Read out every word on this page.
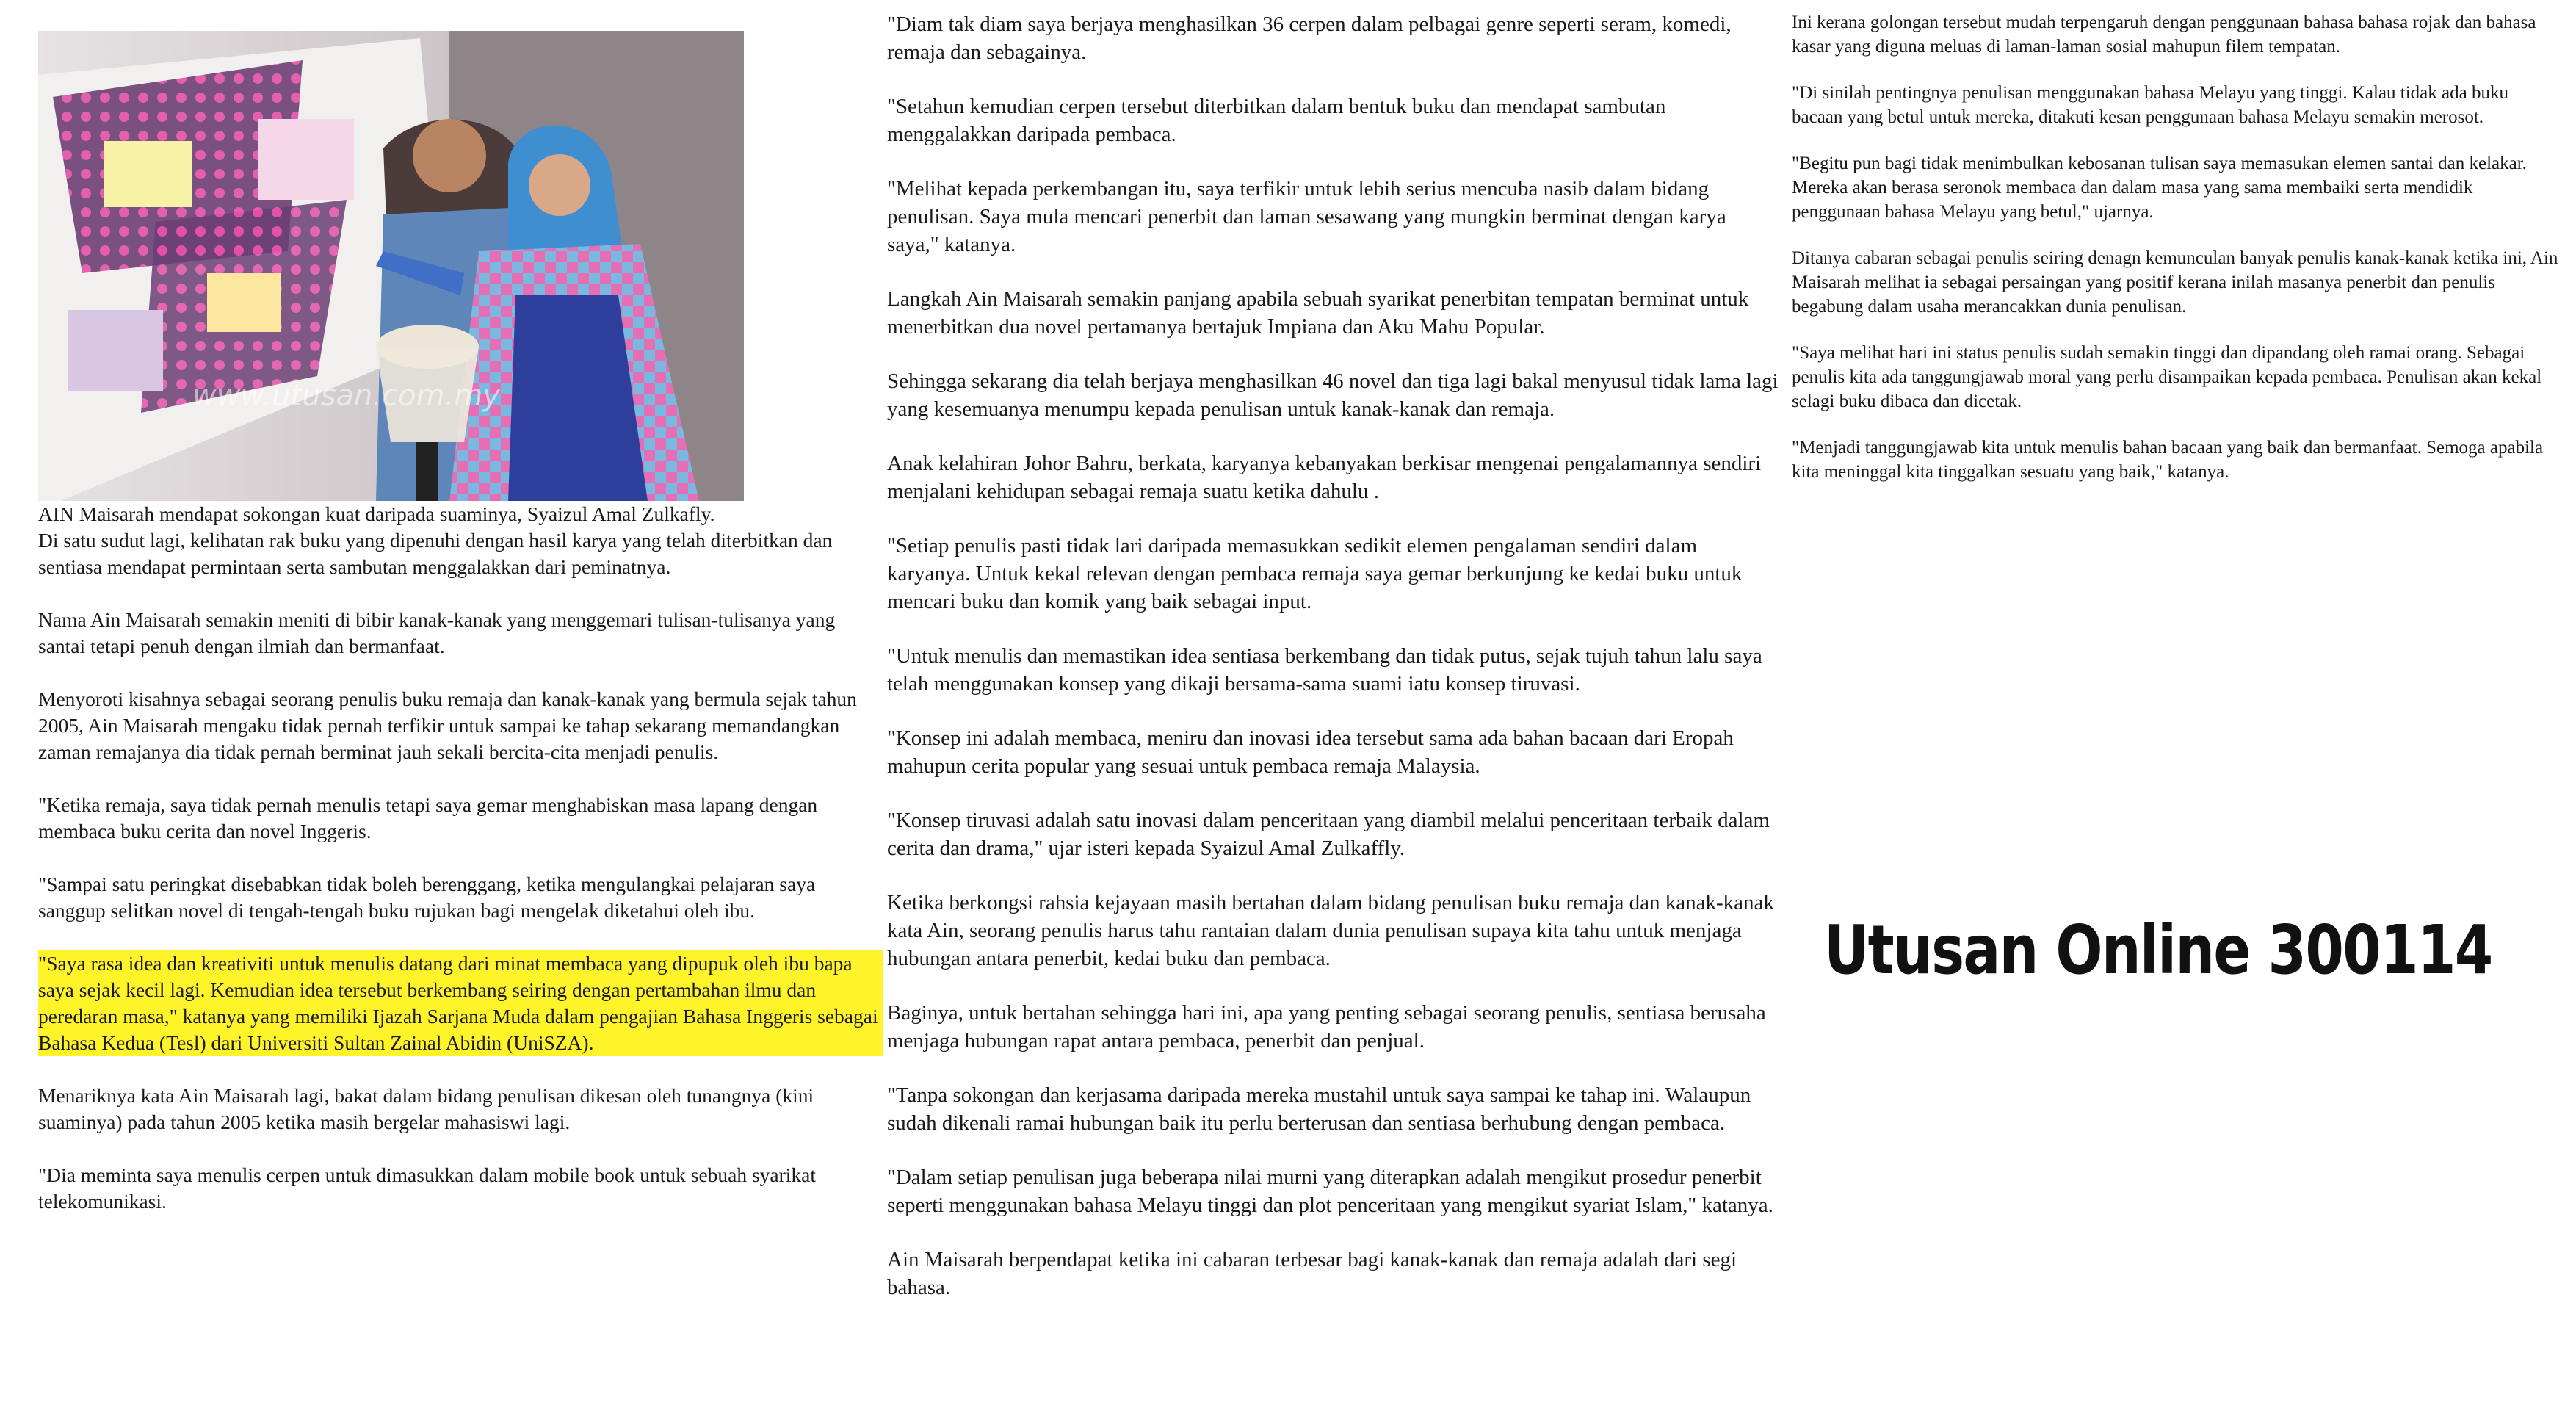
www.utusan.com.my

AIN Maisarah mendapat sokongan kuat daripada suaminya, Syaizul Amal Zulkafly.

Di satu sudut lagi, kelihatan rak buku yang dipenuhi dengan hasil karya yang telah diterbitkan dan sentiasa mendapat permintaan serta sambutan menggalakkan dari peminatnya.

Nama Ain Maisarah semakin meniti di bibir kanak-kanak yang menggemari tulisan-tulisanya yang santai tetapi penuh dengan ilmiah dan bermanfaat.

Menyoroti kisahnya sebagai seorang penulis buku remaja dan kanak-kanak yang bermula sejak tahun 2005, Ain Maisarah mengaku tidak pernah terfikir untuk sampai ke tahap sekarang memandangkan zaman remajanya dia tidak pernah berminat jauh sekali bercita-cita menjadi penulis.

"Ketika remaja, saya tidak pernah menulis tetapi saya gemar menghabiskan masa lapang dengan membaca buku cerita dan novel Inggeris.

"Sampai satu peringkat disebabkan tidak boleh berenggang, ketika mengulangkai pelajaran saya sanggup selitkan novel di tengah-tengah buku rujukan bagi mengelak diketahui oleh ibu.

"Saya rasa idea dan kreativiti untuk menulis datang dari minat membaca yang dipupuk oleh ibu bapa saya sejak kecil lagi. Kemudian idea tersebut berkembang seiring dengan pertambahan ilmu dan peredaran masa," katanya yang memiliki Ijazah Sarjana Muda dalam pengajian Bahasa Inggeris sebagai Bahasa Kedua (Tesl) dari Universiti Sultan Zainal Abidin (UniSZA).

Menariknya kata Ain Maisarah lagi, bakat dalam bidang penulisan dikesan oleh tunangnya (kini suaminya) pada tahun 2005 ketika masih bergelar mahasiswi lagi.

"Dia meminta saya menulis cerpen untuk dimasukkan dalam mobile book untuk sebuah syarikat telekomunikasi.

"Diam tak diam saya berjaya menghasilkan 36 cerpen dalam pelbagai genre seperti seram, komedi, remaja dan sebagainya.

"Setahun kemudian cerpen tersebut diterbitkan dalam bentuk buku dan mendapat sambutan menggalakkan daripada pembaca.

"Melihat kepada perkembangan itu, saya terfikir untuk lebih serius mencuba nasib dalam bidang penulisan. Saya mula mencari penerbit dan laman sesawang yang mungkin berminat dengan karya saya," katanya.

Langkah Ain Maisarah semakin panjang apabila sebuah syarikat penerbitan tempatan berminat untuk menerbitkan dua novel pertamanya bertajuk Impiana dan Aku Mahu Popular.

Sehingga sekarang dia telah berjaya menghasilkan 46 novel dan tiga lagi bakal menyusul tidak lama lagi yang kesemuanya menumpu kepada penulisan untuk kanak-kanak dan remaja.

Anak kelahiran Johor Bahru, berkata, karyanya kebanyakan berkisar mengenai pengalamannya sendiri menjalani kehidupan sebagai remaja suatu ketika dahulu .

"Setiap penulis pasti tidak lari daripada memasukkan sedikit elemen pengalaman sendiri dalam karyanya. Untuk kekal relevan dengan pembaca remaja saya gemar berkunjung ke kedai buku untuk mencari buku dan komik yang baik sebagai input.

"Untuk menulis dan memastikan idea sentiasa berkembang dan tidak putus, sejak tujuh tahun lalu saya telah menggunakan konsep yang dikaji bersama-sama suami iatu konsep tiruvasi.

"Konsep ini adalah membaca, meniru dan inovasi idea tersebut sama ada bahan bacaan dari Eropah mahupun cerita popular yang sesuai untuk pembaca remaja Malaysia.

"Konsep tiruvasi adalah satu inovasi dalam penceritaan yang diambil melalui penceritaan terbaik dalam cerita dan drama," ujar isteri kepada Syaizul Amal Zulkaffly.

Ketika berkongsi rahsia kejayaan masih bertahan dalam bidang penulisan buku remaja dan kanak-kanak kata Ain, seorang penulis harus tahu rantaian dalam dunia penulisan supaya kita tahu untuk menjaga hubungan antara penerbit, kedai buku dan pembaca.

Baginya, untuk bertahan sehingga hari ini, apa yang penting sebagai seorang penulis, sentiasa berusaha menjaga hubungan rapat antara pembaca, penerbit dan penjual.

"Tanpa sokongan dan kerjasama daripada mereka mustahil untuk saya sampai ke tahap ini. Walaupun sudah dikenali ramai hubungan baik itu perlu berterusan dan sentiasa berhubung dengan pembaca.

"Dalam setiap penulisan juga beberapa nilai murni yang diterapkan adalah mengikut prosedur penerbit seperti menggunakan bahasa Melayu tinggi dan plot penceritaan yang mengikut syariat Islam," katanya.

Ain Maisarah berpendapat ketika ini cabaran terbesar bagi kanak-kanak dan remaja adalah dari segi bahasa.

Ini kerana golongan tersebut mudah terpengaruh dengan penggunaan bahasa bahasa rojak dan bahasa kasar yang diguna meluas di laman-laman sosial mahupun filem tempatan.

"Di sinilah pentingnya penulisan menggunakan bahasa Melayu yang tinggi. Kalau tidak ada buku bacaan yang betul untuk mereka, ditakuti kesan penggunaan bahasa Melayu semakin merosot.

"Begitu pun bagi tidak menimbulkan kebosanan tulisan saya memasukan elemen santai dan kelakar. Mereka akan berasa seronok membaca dan dalam masa yang sama membaiki serta mendidik penggunaan bahasa Melayu yang betul," ujarnya.

Ditanya cabaran sebagai penulis seiring denagn kemunculan banyak penulis kanak-kanak ketika ini, Ain Maisarah melihat ia sebagai persaingan yang positif kerana inilah masanya penerbit dan penulis begabung dalam usaha merancakkan dunia penulisan.

"Saya melihat hari ini status penulis sudah semakin tinggi dan dipandang oleh ramai orang. Sebagai penulis kita ada tanggungjawab moral yang perlu disampaikan kepada pembaca. Penulisan akan kekal selagi buku dibaca dan dicetak.

"Menjadi tanggungjawab kita untuk menulis bahan bacaan yang baik dan bermanfaat. Semoga apabila kita meninggal kita tinggalkan sesuatu yang baik," katanya.

Utusan Online 300114
